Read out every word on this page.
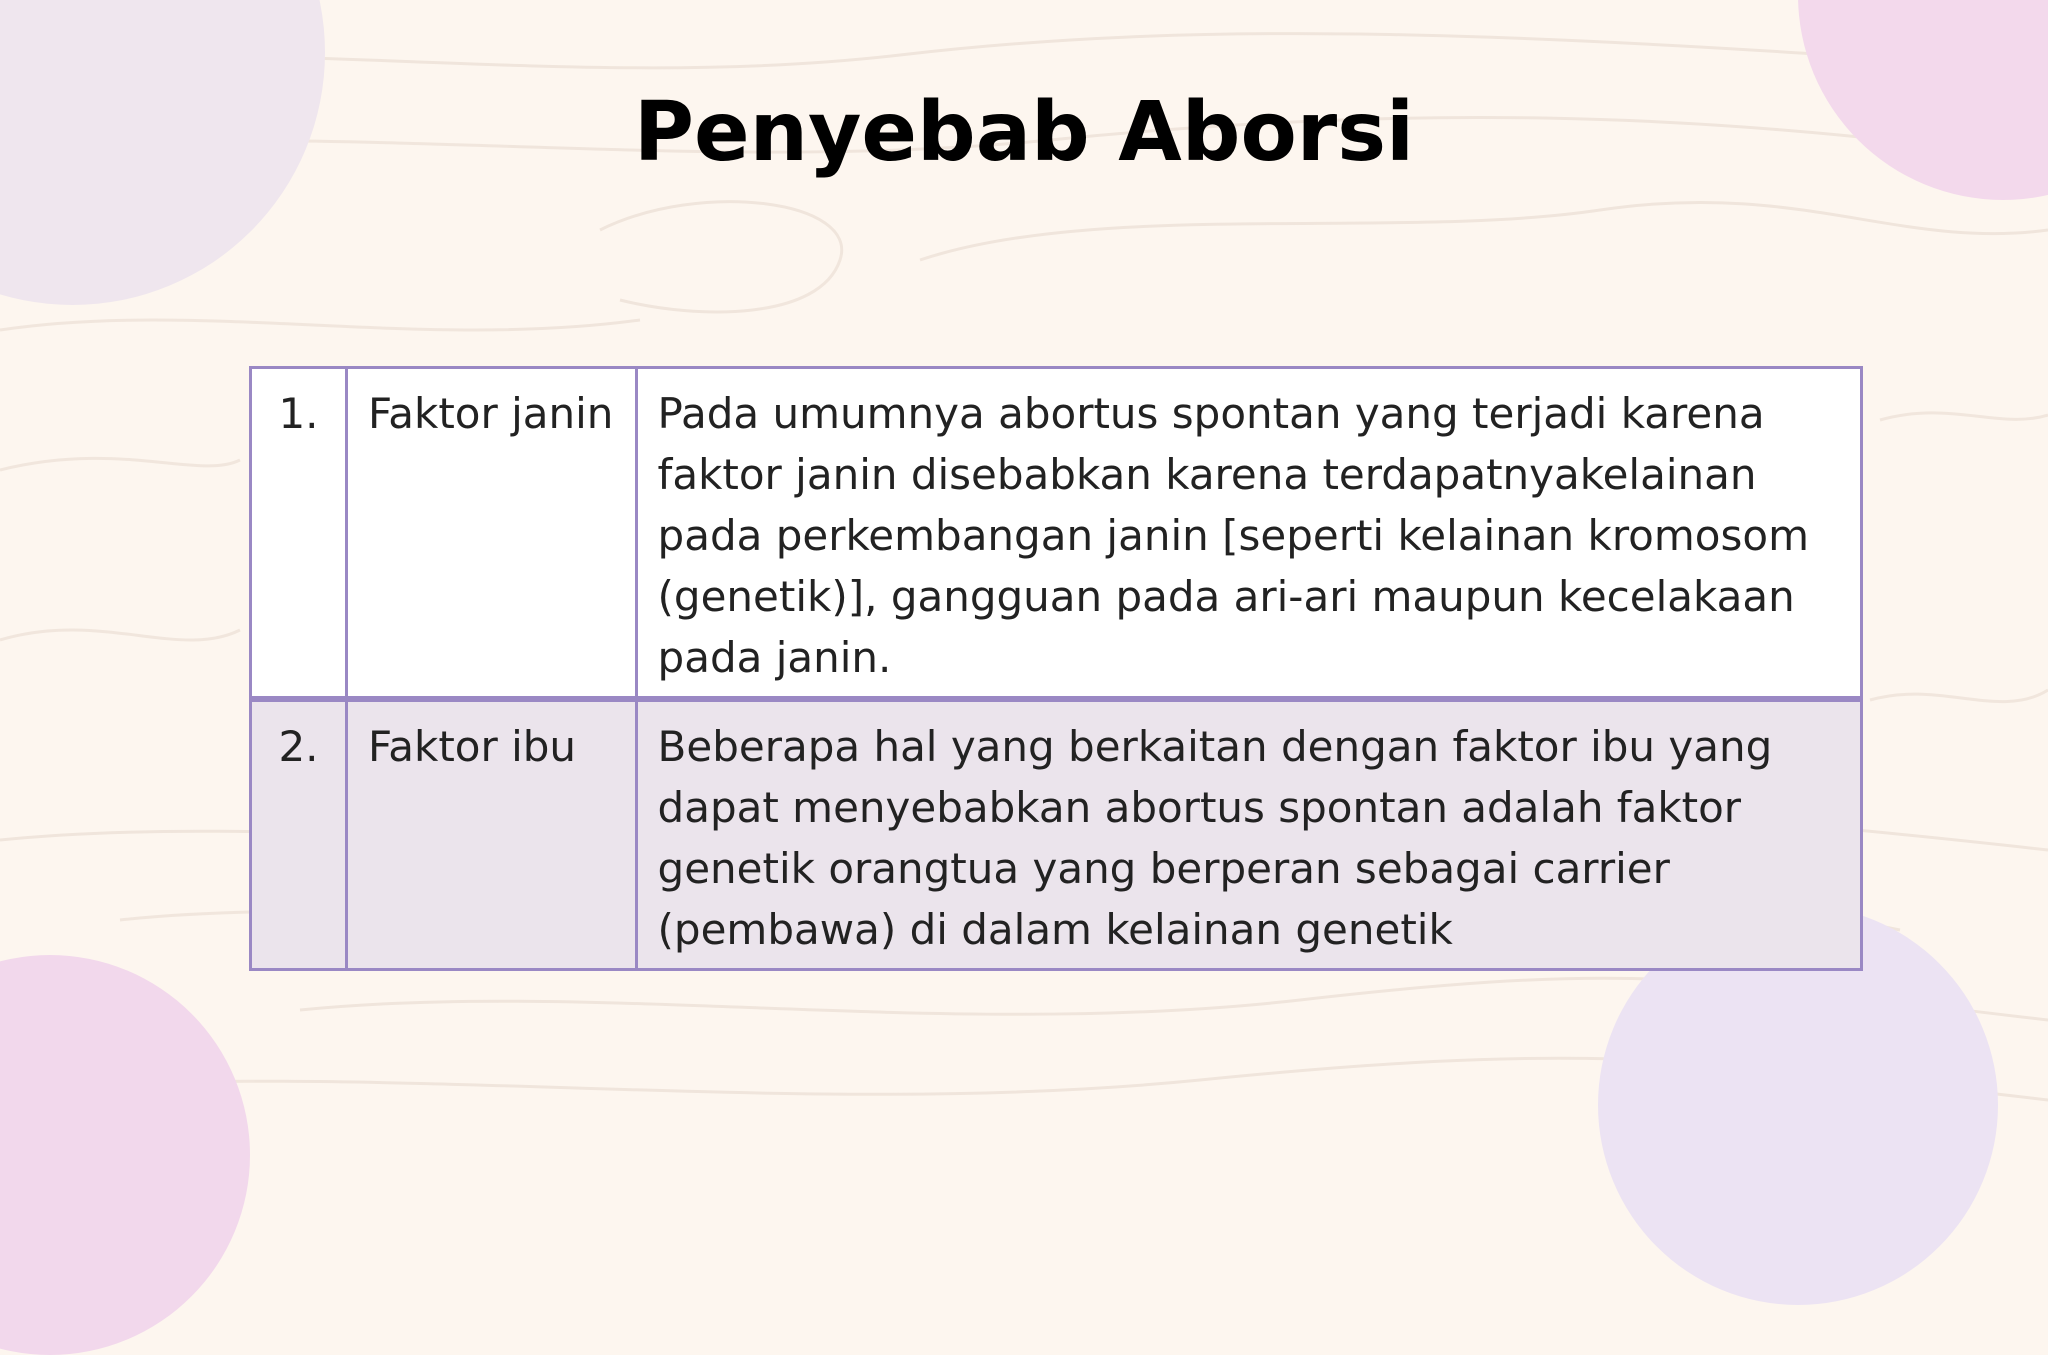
Penyebab Aborsi
1.	Faktor janin	Pada umumnya abortus spontan yang terjadi karena faktor janin disebabkan karena terdapatnyakelainan pada perkembangan janin [seperti kelainan kromosom (genetik)], gangguan pada ari-ari maupun kecelakaan pada janin.
2.	Faktor ibu	Beberapa hal yang berkaitan dengan faktor ibu yang dapat menyebabkan abortus spontan adalah faktor genetik orangtua yang berperan sebagai carrier (pembawa) di dalam kelainan genetik
